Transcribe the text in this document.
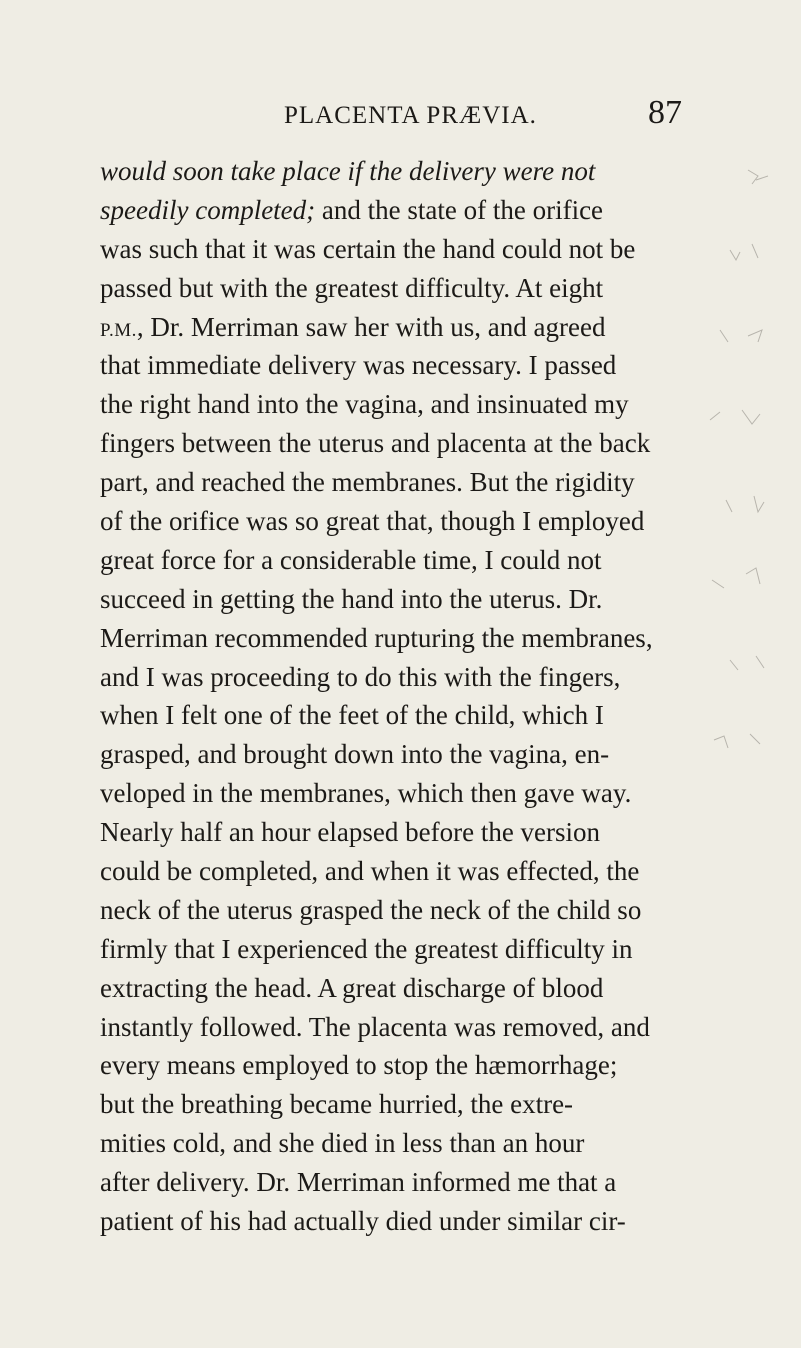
PLACENTA PRÆVIA.	87
would soon take place if the delivery were not
speedily completed; and the state of the orifice
was such that it was certain the hand could not be
passed but with the greatest difficulty. At eight
P.M., Dr. Merriman saw her with us, and agreed
that immediate delivery was necessary. I passed
the right hand into the vagina, and insinuated my
fingers between the uterus and placenta at the back
part, and reached the membranes. But the rigidity
of the orifice was so great that, though I employed
great force for a considerable time, I could not
succeed in getting the hand into the uterus. Dr.
Merriman recommended rupturing the membranes,
and I was proceeding to do this with the fingers,
when I felt one of the feet of the child, which I
grasped, and brought down into the vagina, en-
veloped in the membranes, which then gave way.
Nearly half an hour elapsed before the version
could be completed, and when it was effected, the
neck of the uterus grasped the neck of the child so
firmly that I experienced the greatest difficulty in
extracting the head. A great discharge of blood
instantly followed. The placenta was removed, and
every means employed to stop the hæmorrhage;
but the breathing became hurried, the extre-
mities cold, and she died in less than an hour
after delivery. Dr. Merriman informed me that a
patient of his had actually died under similar cir-
